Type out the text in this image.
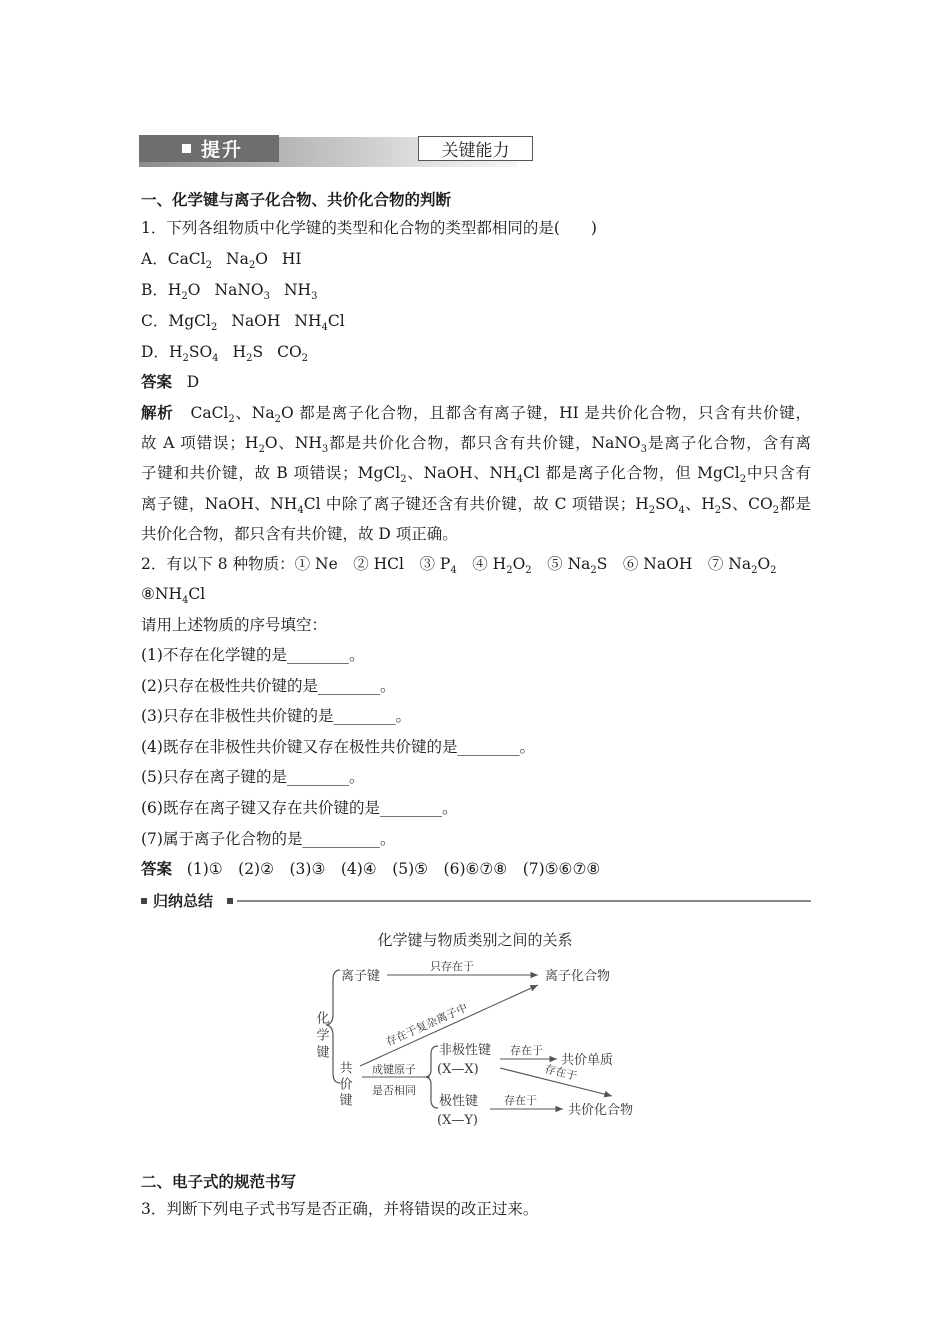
提升	关键能力
一、化学键与离子化合物、共价化合物的判断
1．下列各组物质中化学键的类型和化合物的类型都相同的是(　　)
A．CaCl$_2$ $Na_2O$ HI
B．$H_2O$ NaNO$_3$ $NH_3$
C．MgCl$_2$ NaOH $NH_4Cl$
D．$H_2SO_4$ $H_2S$ $CO_2$
答案 D
解析 CaCl$_2$、$Na_2O$ 都是离子化合物，且都含有离子键，HI 是共价化合物，只含有共价键，
故 A 项错误；$H_2O$、$NH_3$都是共价化合物，都只含有共价键，NaNO$_3$是离子化合物，含有离
子键和共价键，故 B 项错误；MgCl$_2$、NaOH、$NH_4Cl$ 都是离子化合物，但 MgCl$_2$中只含有
离子键，NaOH、$NH_4Cl$ 中除了离子键还含有共价键，故 C 项错误；$H_2SO_4$、$H_2S$、$CO_2$都是
共价化合物，都只含有共价键，故 D 项正确。
2．有以下 8 种物质：① Ne　② HCl　③ $P_4$　④ $H_2O_2$　⑤ $Na_2S$　⑥ NaOH　⑦ $Na_2O_2$
$⑧NH_4Cl$
请用上述物质的序号填空：
(1)不存在化学键的是________。
(2)只存在极性共价键的是________。
(3)只存在非极性共价键的是________。
(4)既存在非极性共价键又存在极性共价键的是________。
(5)只存在离子键的是________。
(6)既存在离子键又存在共价键的是________。
(7)属于离子化合物的是__________。
答案 (1)①　(2)②　(3)③　(4)④　(5)⑤　(6)⑥⑦⑧　(7)⑤⑥⑦⑧
归纳总结
化学键与物质类别之间的关系
化学键
离子键
只存在于
离子化合物
存在于复杂离子中
共价键 成键原子
是否相同
非极性键
(X—X)
存在于
共价单质
存在于
极性键
(X—Y)
存在于
共价化合物
二、电子式的规范书写
3．判断下列电子式书写是否正确，并将错误的改正过来。
